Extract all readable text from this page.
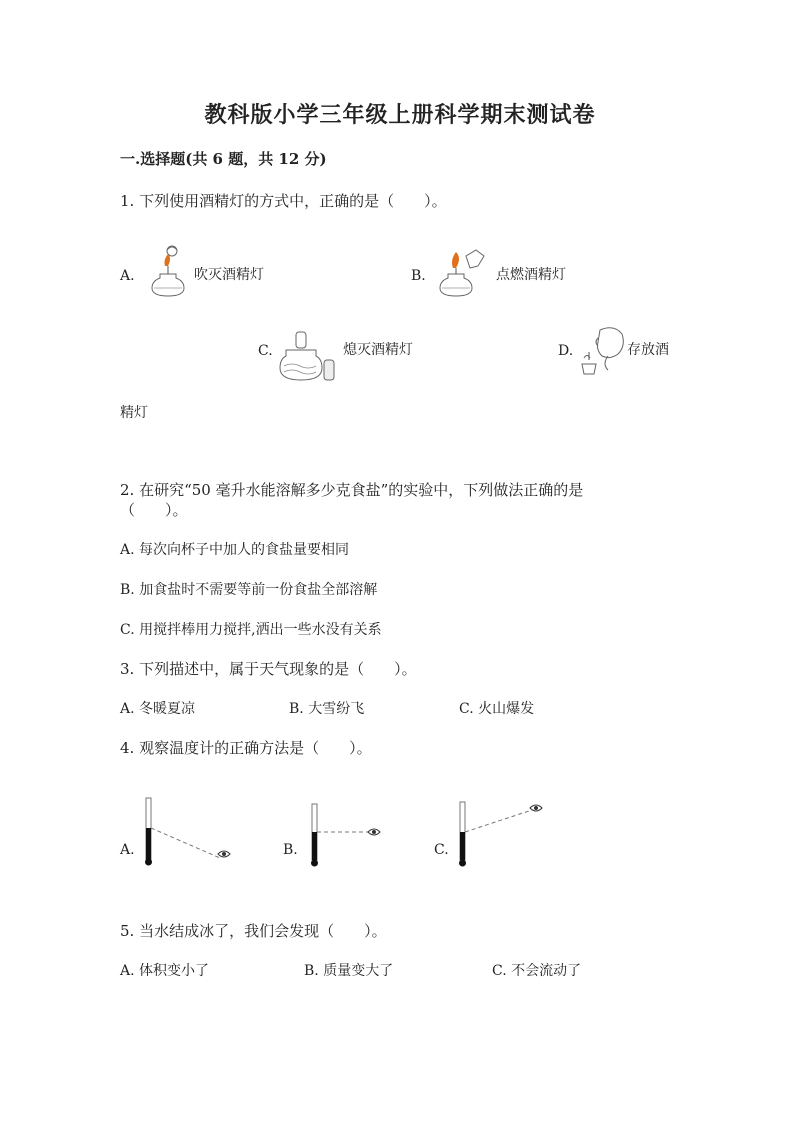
教科版小学三年级上册科学期末测试卷
一.选择题(共 6 题，共 12 分)
1. 下列使用酒精灯的方式中，正确的是（　　）。
A.	吹灭酒精灯	B.	点燃酒精灯
C.	熄灭酒精灯	D.	存放酒
精灯
2. 在研究“50 毫升水能溶解多少克食盐”的实验中，下列做法正确的是
（　　）。
A. 每次向杯子中加人的食盐量要相同
B. 加食盐时不需要等前一份食盐全部溶解
C. 用搅拌棒用力搅拌,洒出一些水没有关系
3. 下列描述中，属于天气现象的是（　　）。
A. 冬暖夏凉	B. 大雪纷飞	C. 火山爆发
4. 观察温度计的正确方法是（　　）。
A.	B.	C.
5. 当水结成冰了，我们会发现（　　）。
A. 体积变小了	B. 质量变大了	C. 不会流动了
